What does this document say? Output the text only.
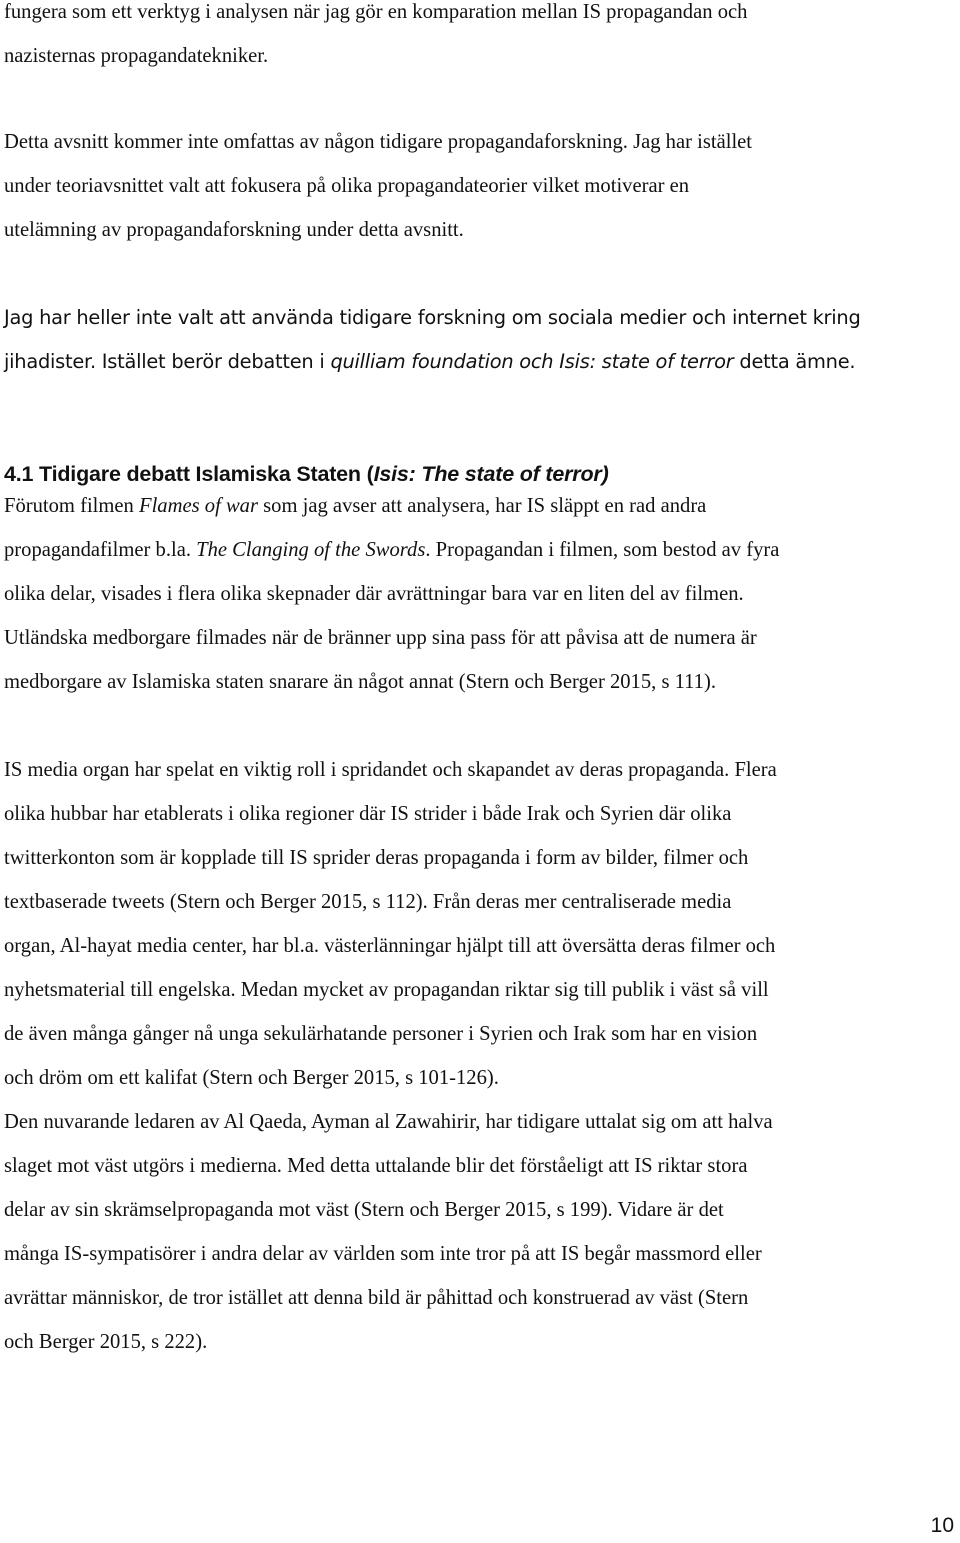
fungera som ett verktyg i analysen när jag gör en komparation mellan IS propagandan och
nazisternas propagandatekniker.

Detta avsnitt kommer inte omfattas av någon tidigare propagandaforskning. Jag har istället
under teoriavsnittet valt att fokusera på olika propagandateorier vilket motiverar en
utelämning av propagandaforskning under detta avsnitt.

Jag har heller inte valt att använda tidigare forskning om sociala medier och internet kring
jihadister. Istället berör debatten i quilliam foundation och Isis: state of terror detta ämne.

4.1 Tidigare debatt Islamiska Staten (Isis: The state of terror)

Förutom filmen Flames of war som jag avser att analysera, har IS släppt en rad andra
propagandafilmer b.la. The Clanging of the Swords. Propagandan i filmen, som bestod av fyra
olika delar, visades i flera olika skepnader där avrättningar bara var en liten del av filmen.
Utländska medborgare filmades när de bränner upp sina pass för att påvisa att de numera är
medborgare av Islamiska staten snarare än något annat (Stern och Berger 2015, s 111).

IS media organ har spelat en viktig roll i spridandet och skapandet av deras propaganda. Flera
olika hubbar har etablerats i olika regioner där IS strider i både Irak och Syrien där olika
twitterkonton som är kopplade till IS sprider deras propaganda i form av bilder, filmer och
textbaserade tweets (Stern och Berger 2015, s 112). Från deras mer centraliserade media
organ, Al-hayat media center, har bl.a. västerlänningar hjälpt till att översätta deras filmer och
nyhetsmaterial till engelska. Medan mycket av propagandan riktar sig till publik i väst så vill
de även många gånger nå unga sekulärhatande personer i Syrien och Irak som har en vision
och dröm om ett kalifat (Stern och Berger 2015, s 101-126).
Den nuvarande ledaren av Al Qaeda, Ayman al Zawahirir, har tidigare uttalat sig om att halva
slaget mot väst utgörs i medierna. Med detta uttalande blir det förståeligt att IS riktar stora
delar av sin skrämselpropaganda mot väst (Stern och Berger 2015, s 199). Vidare är det
många IS-sympatisörer i andra delar av världen som inte tror på att IS begår massmord eller
avrättar människor, de tror istället att denna bild är påhittad och konstruerad av väst (Stern
och Berger 2015, s 222).

10
